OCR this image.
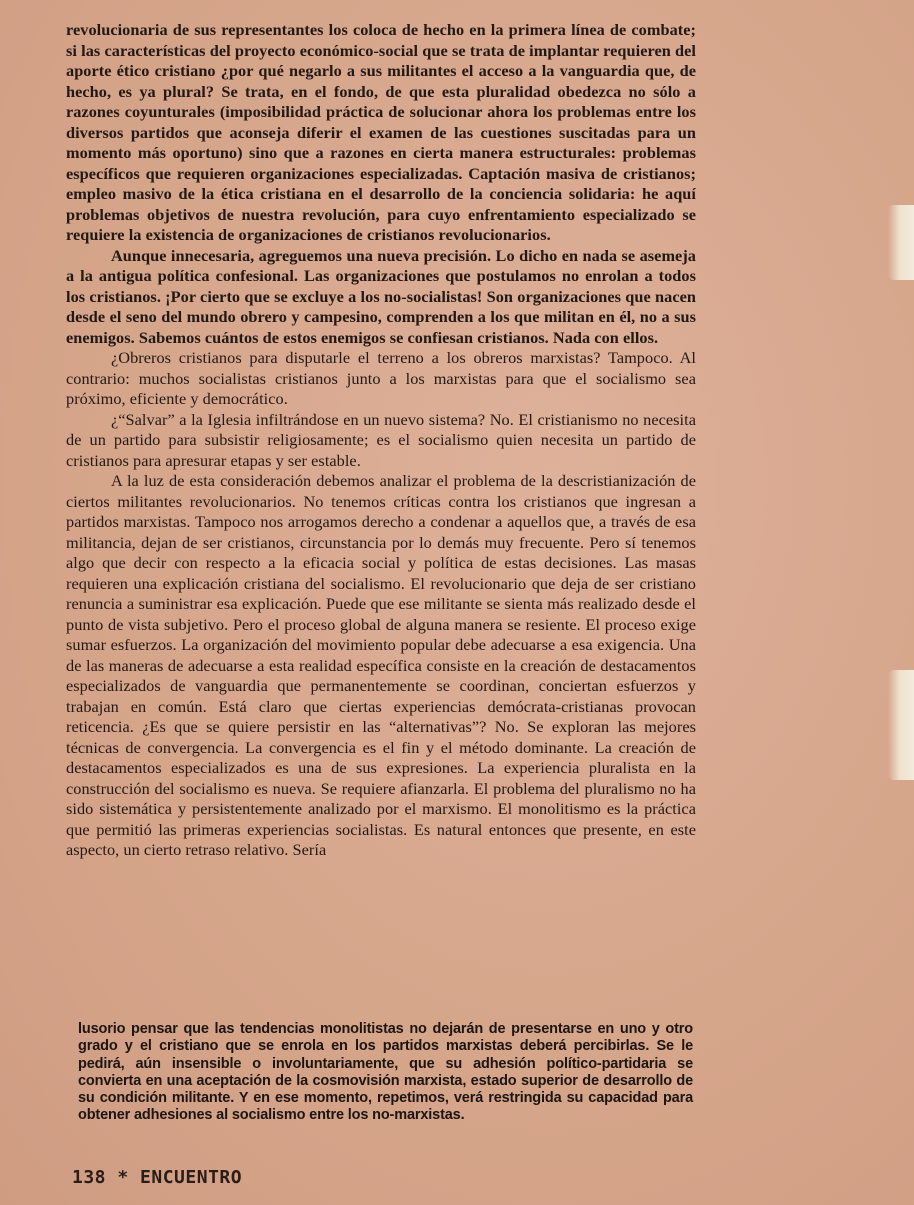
revolucionaria de sus representantes los coloca de hecho en la primera línea de combate; si las características del proyecto económico-social que se trata de implantar requieren del aporte ético cristiano ¿por qué negarlo a sus militantes el acceso a la vanguardia que, de hecho, es ya plural? Se trata, en el fondo, de que esta pluralidad obedezca no sólo a razones coyunturales (imposibilidad práctica de solucionar ahora los problemas entre los diversos partidos que aconseja diferir el examen de las cuestiones suscitadas para un momento más oportuno) sino que a razones en cierta manera estructurales: problemas específicos que requieren organizaciones especializadas. Captación masiva de cristianos; empleo masivo de la ética cristiana en el desarrollo de la conciencia solidaria: he aquí problemas objetivos de nuestra revolución, para cuyo enfrentamiento especializado se requiere la existencia de organizaciones de cristianos revolucionarios.

Aunque innecesaria, agreguemos una nueva precisión. Lo dicho en nada se asemeja a la antigua política confesional. Las organizaciones que postulamos no enrolan a todos los cristianos. ¡Por cierto que se excluye a los no-socialistas! Son organizaciones que nacen desde el seno del mundo obrero y campesino, comprenden a los que militan en él, no a sus enemigos. Sabemos cuántos de estos enemigos se confiesan cristianos. Nada con ellos.

¿Obreros cristianos para disputarle el terreno a los obreros marxistas? Tampoco. Al contrario: muchos socialistas cristianos junto a los marxistas para que el socialismo sea próximo, eficiente y democrático.

¿“Salvar” a la Iglesia infiltrándose en un nuevo sistema? No. El cristianismo no necesita de un partido para subsistir religiosamente; es el socialismo quien necesita un partido de cristianos para apresurar etapas y ser estable.

A la luz de esta consideración debemos analizar el problema de la descristianización de ciertos militantes revolucionarios. No tenemos críticas contra los cristianos que ingresan a partidos marxistas. Tampoco nos arrogamos derecho a condenar a aquellos que, a través de esa militancia, dejan de ser cristianos, circunstancia por lo demás muy frecuente. Pero sí tenemos algo que decir con respecto a la eficacia social y política de estas decisiones. Las masas requieren una explicación cristiana del socialismo. El revolucionario que deja de ser cristiano renuncia a suministrar esa explicación. Puede que ese militante se sienta más realizado desde el punto de vista subjetivo. Pero el proceso global de alguna manera se resiente. El proceso exige sumar esfuerzos. La organización del movimiento popular debe adecuarse a esa exigencia. Una de las maneras de adecuarse a esta realidad específica consiste en la creación de destacamentos especializados de vanguardia que permanentemente se coordinan, conciertan esfuerzos y trabajan en común. Está claro que ciertas experiencias demócrata-cristianas provocan reticencia. ¿Es que se quiere persistir en las “alternativas”? No. Se exploran las mejores técnicas de convergencia. La convergencia es el fin y el método dominante. La creación de destacamentos especializados es una de sus expresiones. La experiencia pluralista en la construcción del socialismo es nueva. Se requiere afianzarla. El problema del pluralismo no ha sido sistemática y persistentemente analizado por el marxismo. El monolitismo es la práctica que permitió las primeras experiencias socialistas. Es natural entonces que presente, en este aspecto, un cierto retraso relativo. Sería

lusorio pensar que las tendencias monolitistas no dejarán de presentarse en uno y otro grado y el cristiano que se enrola en los partidos marxistas deberá percibirlas. Se le pedirá, aún insensible o involuntariamente, que su adhesión político-partidaria se convierta en una aceptación de la cosmovisión marxista, estado superior de desarrollo de su condición militante. Y en ese momento, repetimos, verá restringida su capacidad para obtener adhesiones al socialismo entre los no-marxistas.

138 * ENCUENTRO
